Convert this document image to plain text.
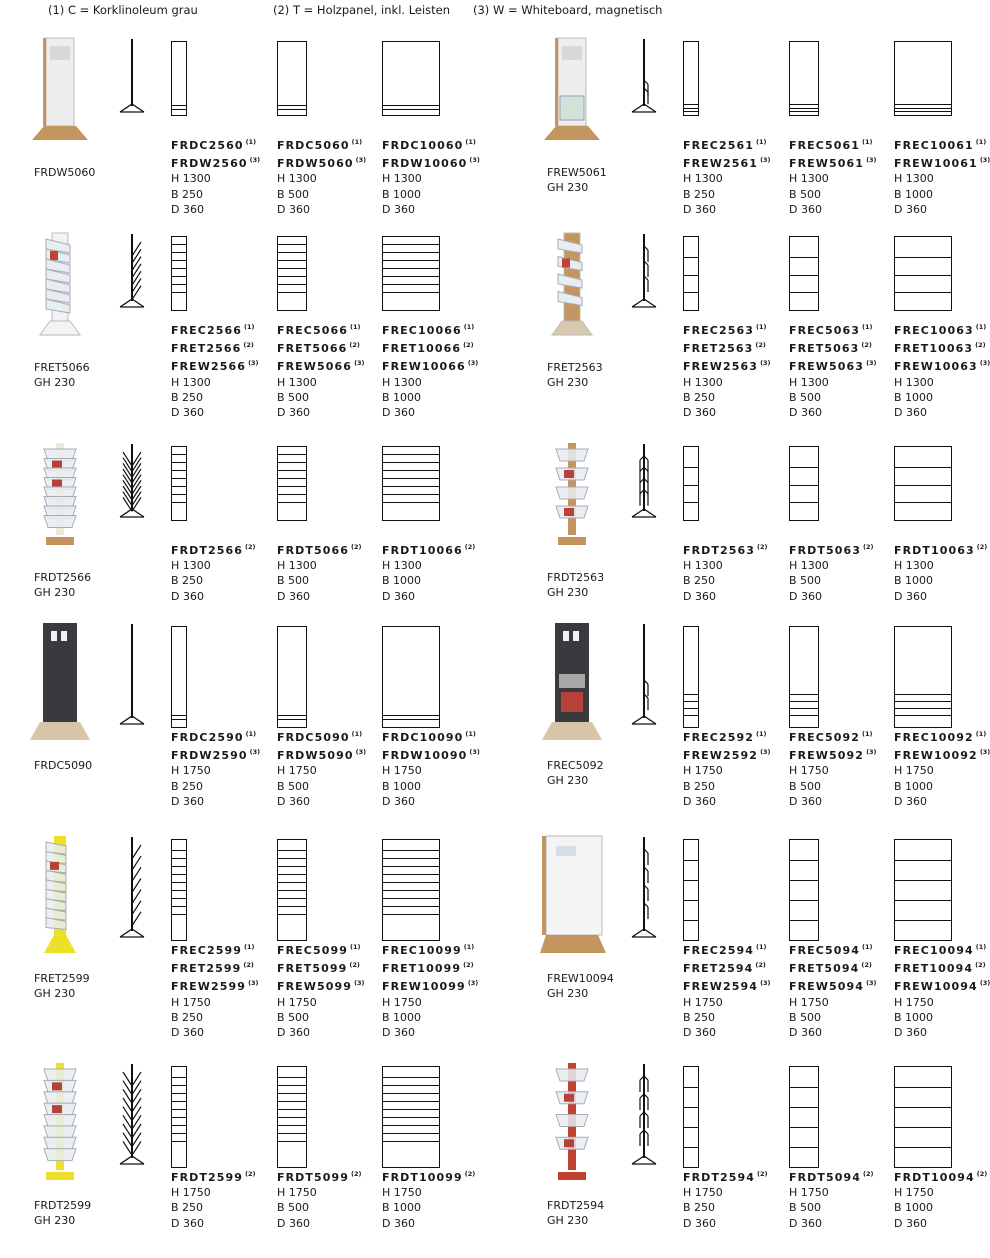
(1) C = Korklinoleum grau	(2) T = Holzpanel, inkl. Leisten (3) W = Whiteboard, magnetisch
FRDW5060
FRDC2560 $^{(1)}$
FRDW2560 $^{(3)}$
H 1300
B 250
D 360
FRDC5060 $^{(1)}$
FRDW5060 $^{(3)}$
H 1300
B 500
D 360
FRDC10060 $^{(1)}$
FRDW10060 $^{(3)}$
H 1300
B 1000
D 360
FREW5061
GH 230
FREC2561 $^{(1)}$
FREW2561 $^{(3)}$
H 1300
B 250
D 360
FREC5061 $^{(1)}$
FREW5061 $^{(3)}$
H 1300
B 500
D 360
FREC10061 $^{(1)}$
FREW10061 $^{(3)}$
H 1300
B 1000
D 360
FRET5066
GH 230
FREC2566 $^{(1)}$
FRET2566 $^{(2)}$
FREW2566 $^{(3)}$
H 1300
B 250
D 360
FREC5066 $^{(1)}$
FRET5066 $^{(2)}$
FREW5066 $^{(3)}$
H 1300
B 500
D 360
FREC10066 $^{(1)}$
FRET10066 $^{(2)}$
FREW10066 $^{(3)}$
H 1300
B 1000
D 360
FRET2563
GH 230
FREC2563 $^{(1)}$
FRET2563 $^{(2)}$
FREW2563 $^{(3)}$
H 1300
B 250
D 360
FREC5063 $^{(1)}$
FRET5063 $^{(2)}$
FREW5063 $^{(3)}$
H 1300
B 500
D 360
FREC10063 $^{(1)}$
FRET10063 $^{(2)}$
FREW10063 $^{(3)}$
H 1300
B 1000
D 360
FRDT2566
GH 230
FRDT2566 $^{(2)}$
H 1300
B 250
D 360
FRDT5066 $^{(2)}$
H 1300
B 500
D 360
FRDT10066 $^{(2)}$
H 1300
B 1000
D 360
FRDT2563
GH 230
FRDT2563 $^{(2)}$
H 1300
B 250
D 360
FRDT5063 $^{(2)}$
H 1300
B 500
D 360
FRDT10063 $^{(2)}$
H 1300
B 1000
D 360
FRDC5090
FRDC2590 $^{(1)}$
FRDW2590 $^{(3)}$
H 1750
B 250
D 360
FRDC5090 $^{(1)}$
FRDW5090 $^{(3)}$
H 1750
B 500
D 360
FRDC10090 $^{(1)}$
FRDW10090 $^{(3)}$
H 1750
B 1000
D 360
FREC5092
GH 230
FREC2592 $^{(1)}$
FREW2592 $^{(3)}$
H 1750
B 250
D 360
FREC5092 $^{(1)}$
FREW5092 $^{(3)}$
H 1750
B 500
D 360
FREC10092 $^{(1)}$
FREW10092 $^{(3)}$
H 1750
B 1000
D 360
FRET2599
GH 230
FREC2599 $^{(1)}$
FRET2599 $^{(2)}$
FREW2599 $^{(3)}$
H 1750
B 250
D 360
FREC5099 $^{(1)}$
FRET5099 $^{(2)}$
FREW5099 $^{(3)}$
H 1750
B 500
D 360
FREC10099 $^{(1)}$
FRET10099 $^{(2)}$
FREW10099 $^{(3)}$
H 1750
B 1000
D 360
FREW10094
GH 230
FREC2594 $^{(1)}$
FRET2594 $^{(2)}$
FREW2594 $^{(3)}$
H 1750
B 250
D 360
FREC5094 $^{(1)}$
FRET5094 $^{(2)}$
FREW5094 $^{(3)}$
H 1750
B 500
D 360
FREC10094 $^{(1)}$
FRET10094 $^{(2)}$
FREW10094 $^{(3)}$
H 1750
B 1000
D 360
FRDT2599
GH 230
FRDT2599 $^{(2)}$
H 1750
B 250
D 360
FRDT5099 $^{(2)}$
H 1750
B 500
D 360
FRDT10099 $^{(2)}$
H 1750
B 1000
D 360
FRDT2594
GH 230
FRDT2594 $^{(2)}$
H 1750
B 250
D 360
FRDT5094 $^{(2)}$
H 1750
B 500
D 360
FRDT10094 $^{(2)}$
H 1750
B 1000
D 360
